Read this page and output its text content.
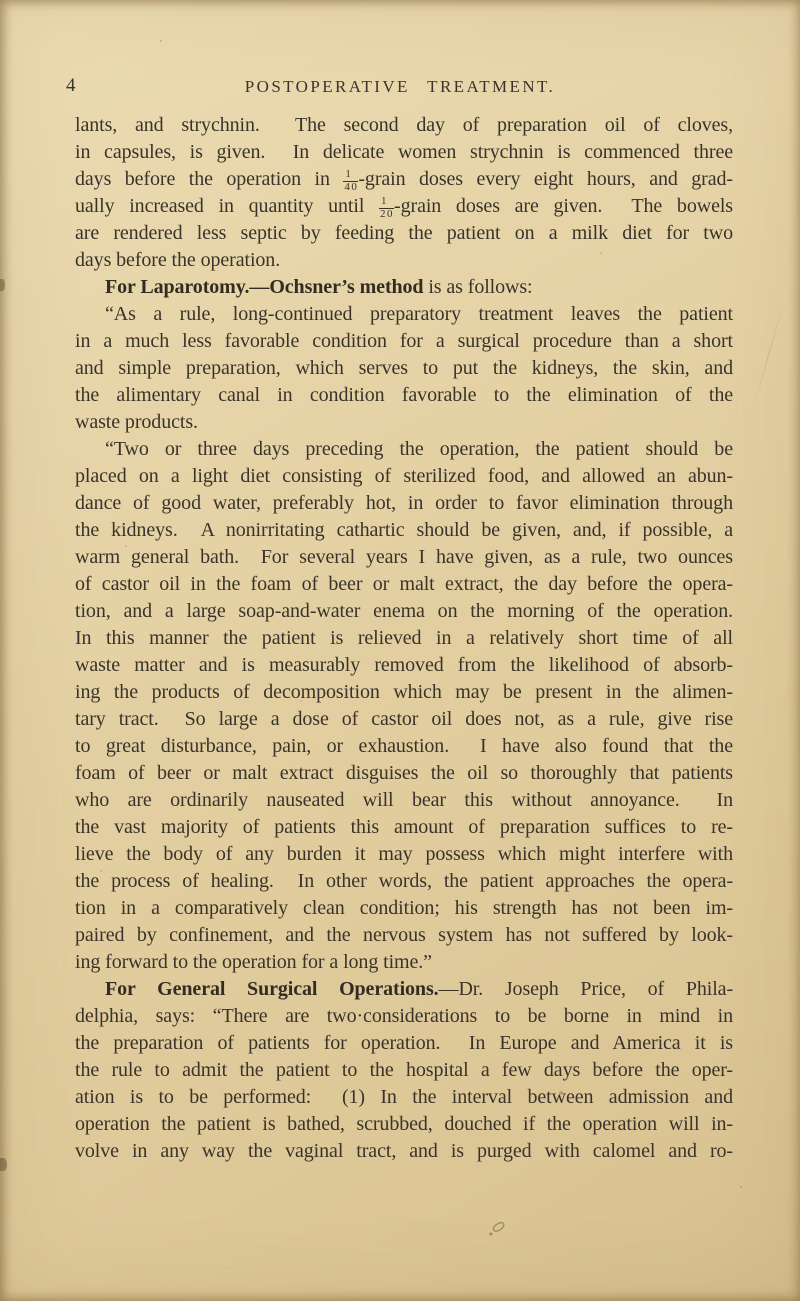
4	POSTOPERATIVE TREATMENT.
lants, and strychnin.  The second day of preparation oil of cloves,
in capsules, is given.  In delicate women strychnin is commenced three
days before the operation in $\frac{1}{40}$ -grain doses every eight hours, and grad-
ually increased in quantity until $\frac{1}{20}$ -grain doses are given.  The bowels
are rendered less septic by feeding the patient on a milk diet for two
days before the operation.
For Laparotomy.—Ochsner’s method is as follows:
“As a rule, long-continued preparatory treatment leaves the patient
in a much less favorable condition for a surgical procedure than a short
and simple preparation, which serves to put the kidneys, the skin, and
the alimentary canal in condition favorable to the elimination of the
waste products.
“Two or three days preceding the operation, the patient should be
placed on a light diet consisting of sterilized food, and allowed an abun-
dance of good water, preferably hot, in order to favor elimination through
the kidneys.  A nonirritating cathartic should be given, and, if possible, a
warm general bath.  For several years I have given, as a rule, two ounces
of castor oil in the foam of beer or malt extract, the day before the opera-
tion, and a large soap-and-water enema on the morning of the operation.
In this manner the patient is relieved in a relatively short time of all
waste matter and is measurably removed from the likelihood of absorb-
ing the products of decomposition which may be present in the alimen-
tary tract.  So large a dose of castor oil does not, as a rule, give rise
to great disturbance, pain, or exhaustion.  I have also found that the
foam of beer or malt extract disguises the oil so thoroughly that patients
who are ordinarily nauseated will bear this without annoyance.  In
the vast majority of patients this amount of preparation suffices to re-
lieve the body of any burden it may possess which might interfere with
the process of healing.  In other words, the patient approaches the opera-
tion in a comparatively clean condition; his strength has not been im-
paired by confinement, and the nervous system has not suffered by look-
ing forward to the operation for a long time.”
For General Surgical Operations.—Dr. Joseph Price, of Phila-
delphia, says: “There are two·considerations to be borne in mind in
the preparation of patients for operation.  In Europe and America it is
the rule to admit the patient to the hospital a few days before the oper-
ation is to be performed:  (1) In the interval between admission and
operation the patient is bathed, scrubbed, douched if the operation will in-
volve in any way the vaginal tract, and is purged with calomel and ro-
